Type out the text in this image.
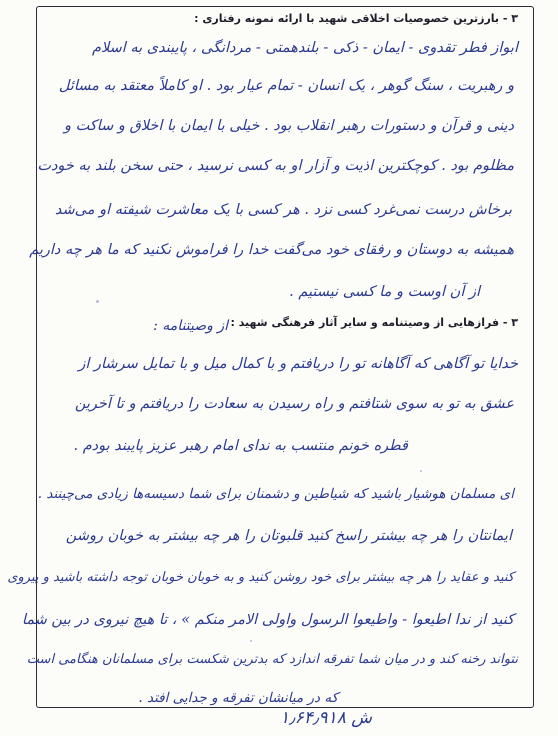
٣ - بارزترین خصوصیات اخلاقی شهید با ارائه نمونه رفتاری :
ابواز فطر تقدوی - ایمان - ذکی - بلندهمتی - مردانگی ، پایبندی به اسلام
و رهبریت ، سنگ گوهر ، یک انسان - تمام عیار بود . او کاملاً معتقد به مسائل
دینی و قرآن و دستورات رهبر انقلاب بود . خیلی با ایمان با اخلاق و ساکت و
مظلوم بود . کوچکترین اذیت و آزار او به کسی نرسید ، حتی سخن بلند به خودت
برخاش درست نمی‌غرد کسی نزد . هر کسی با یک معاشرت شیفته او می‌شد
همیشه به دوستان و رفقای خود می‌گفت خدا را فراموش نکنید که ما هر چه داریم
از آن اوست و ما کسی نیستیم .
٣ - فرازهایی از وصیتنامه و سایر آثار فرهنگی شهید :
از وصیتنامه :
خدایا تو آگاهی که آگاهانه تو را دریافتم و با کمال میل و با تمایل سرشار از
عشق به تو به سوی شتافتم و راه رسیدن به سعادت را دریافتم و تا آخرین
قطره خونم منتسب به ندای امام رهبر عزیز پایبند بودم .
ای مسلمان هوشیار باشید که شیاطین و دشمنان برای شما دسیسه‌ها زیادی می‌چینند .
ایمانتان را هر چه بیشتر راسخ کنید قلبوتان را هر چه بیشتر به خوبان روشن
کنید و عقاید را هر چه بیشتر برای خود روشن کنید و به خوبان خوبان توجه داشته باشید و پیروی
کنید از ندا اطیعوا - واطیعوا الرسول واولی الامر منکم » ، تا هیچ نیروی در بین شما
نتواند رخنه کند و در میان شما تفرقه اندازد که بدترین شکست برای مسلمانان هنگامی است
که در میانشان تفرقه و جدایی افتد .
ش ۱٫۶۴٫۹۱۸
